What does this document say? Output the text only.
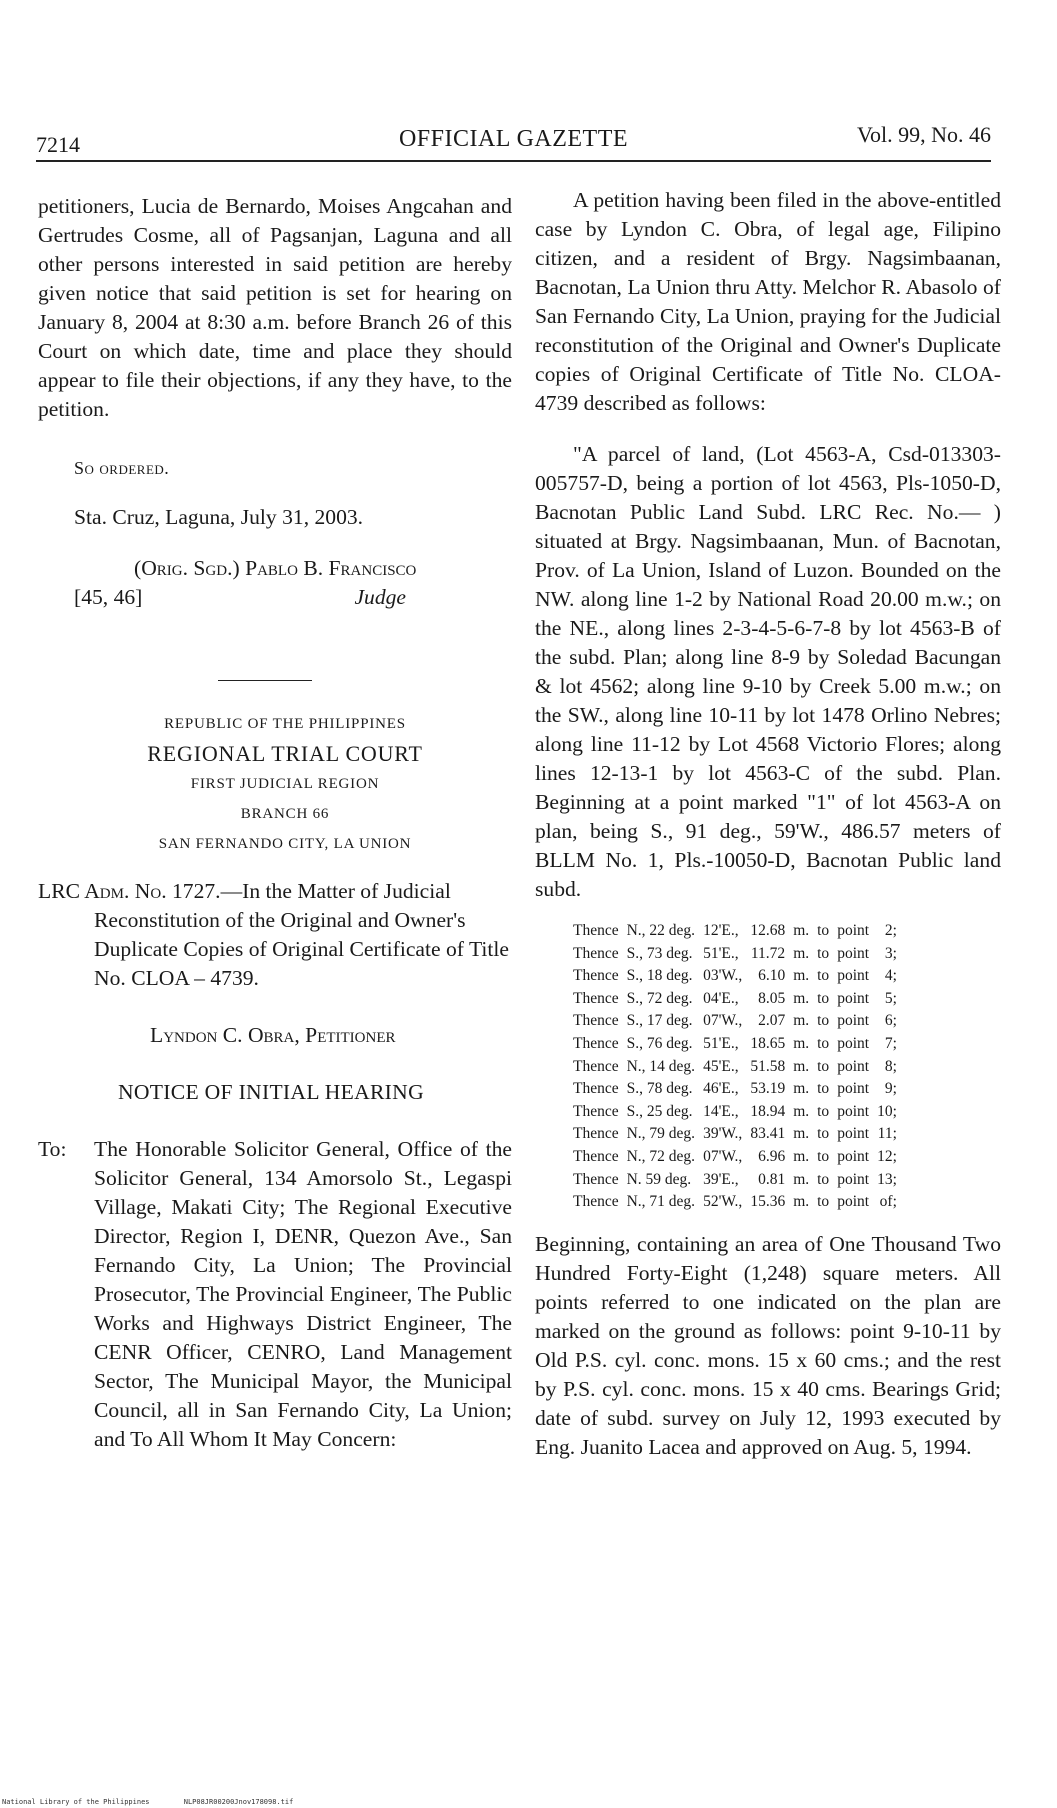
7214	OFFICIAL GAZETTE	Vol. 99, No. 46

petitioners, Lucia de Bernardo, Moises Angcahan and Gertrudes Cosme, all of Pagsanjan, Laguna and all other persons interested in said petition are hereby given notice that said petition is set for hearing on January 8, 2004 at 8:30 a.m. before Branch 26 of this Court on which date, time and place they should appear to file their objections, if any they have, to the petition.

So ordered.
Sta. Cruz, Laguna, July 31, 2003.
(Orig. Sgd.) Pablo B. Francisco
[45, 46]	Judge
REPUBLIC OF THE PHILIPPINES
REGIONAL TRIAL COURT
FIRST JUDICIAL REGION
BRANCH 66
SAN FERNANDO CITY, LA UNION

LRC Adm. No. 1727.—In the Matter of Judicial Reconstitution of the Original and Owner's Duplicate Copies of Original Certificate of Title No. CLOA – 4739.

Lyndon C. Obra, Petitioner
NOTICE OF INITIAL HEARING
To:	The Honorable Solicitor General, Office of the Solicitor General, 134 Amorsolo St., Legaspi Village, Makati City; The Regional Executive Director, Region I, DENR, Quezon Ave., San Fernando City, La Union; The Provincial Prosecutor, The Provincial Engineer, The Public Works and Highways District Engineer, The CENR Officer, CENRO, Land Management Sector, The Municipal Mayor, the Municipal Council, all in San Fernando City, La Union; and To All Whom It May Concern:

A petition having been filed in the above-entitled case by Lyndon C. Obra, of legal age, Filipino citizen, and a resident of Brgy. Nagsimbaanan, Bacnotan, La Union thru Atty. Melchor R. Abasolo of San Fernando City, La Union, praying for the Judicial reconstitution of the Original and Owner's Duplicate copies of Original Certificate of Title No. CLOA-4739 described as follows:

"A parcel of land, (Lot 4563-A, Csd-013303-005757-D, being a portion of lot 4563, Pls-1050-D, Bacnotan Public Land Subd. LRC Rec. No.— ) situated at Brgy. Nagsimbaanan, Mun. of Bacnotan, Prov. of La Union, Island of Luzon. Bounded on the NW. along line 1-2 by National Road 20.00 m.w.; on the NE., along lines 2-3-4-5-6-7-8 by lot 4563-B of the subd. Plan; along line 8-9 by Soledad Bacungan & lot 4562; along line 9-10 by Creek 5.00 m.w.; on the SW., along line 10-11 by lot 1478 Orlino Nebres; along line 11-12 by Lot 4568 Victorio Flores; along lines 12-13-1 by lot 4563-C of the subd. Plan. Beginning at a point marked "1" of lot 4563-A on plan, being S., 91 deg., 59'W., 486.57 meters of BLLM No. 1, Pls.-10050-D, Bacnotan Public land subd.

Thence	N., 22 deg.	12'E.,	12.68	m.	to	point	2;
Thence	S., 73 deg.	51'E.,	11.72	m.	to	point	3;
Thence	S., 18 deg.	03'W.,	6.10	m.	to	point	4;
Thence	S., 72 deg.	04'E.,	8.05	m.	to	point	5;
Thence	S., 17 deg.	07'W.,	2.07	m.	to	point	6;
Thence	S., 76 deg.	51'E.,	18.65	m.	to	point	7;
Thence	N., 14 deg.	45'E.,	51.58	m.	to	point	8;
Thence	S., 78 deg.	46'E.,	53.19	m.	to	point	9;
Thence	S., 25 deg.	14'E.,	18.94	m.	to	point	10;
Thence	N., 79 deg.	39'W.,	83.41	m.	to	point	11;
Thence	N., 72 deg.	07'W.,	6.96	m.	to	point	12;
Thence	N. 59 deg.	39'E.,	0.81	m.	to	point	13;
Thence	N., 71 deg.	52'W.,	15.36	m.	to	point	of;

Beginning, containing an area of One Thousand Two Hundred Forty-Eight (1,248) square meters. All points referred to one indicated on the plan are marked on the ground as follows: point 9-10-11 by Old P.S. cyl. conc. mons. 15 x 60 cms.; and the rest by P.S. cyl. conc. mons. 15 x 40 cms. Bearings Grid; date of subd. survey on July 12, 1993 executed by Eng. Juanito Lacea and approved on Aug. 5, 1994.

National Library of the Philippines	NLP08JR00200Jnov178098.tif
